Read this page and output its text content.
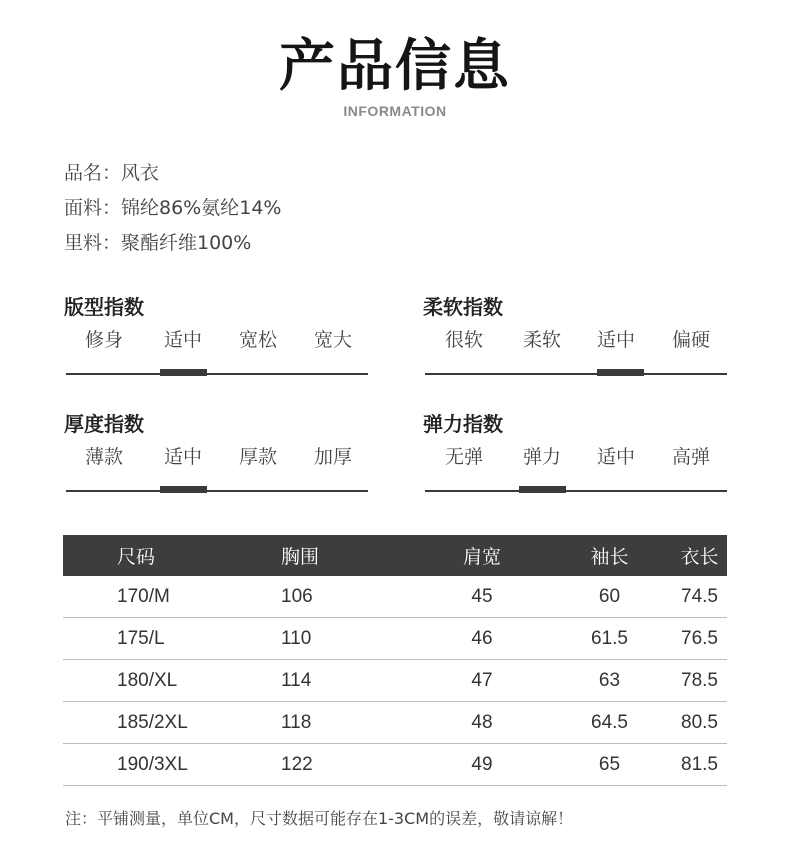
产品信息
INFORMATION
品名：风衣
面料：锦纶86%氨纶14%
里料：聚酯纤维100%
版型指数
修身	适中	宽松	宽大
柔软指数
很软	柔软	适中	偏硬
厚度指数
薄款	适中	厚款	加厚
弹力指数
无弹	弹力	适中	高弹
尺码	胸围	肩宽	袖长	衣长
170/M	106	45	60	74.5
175/L	110	46	61.5	76.5
180/XL	114	47	63	78.5
185/2XL	118	48	64.5	80.5
190/3XL	122	49	65	81.5
注：平铺测量，单位CM，尺寸数据可能存在1-3CM的误差，敬请谅解！
